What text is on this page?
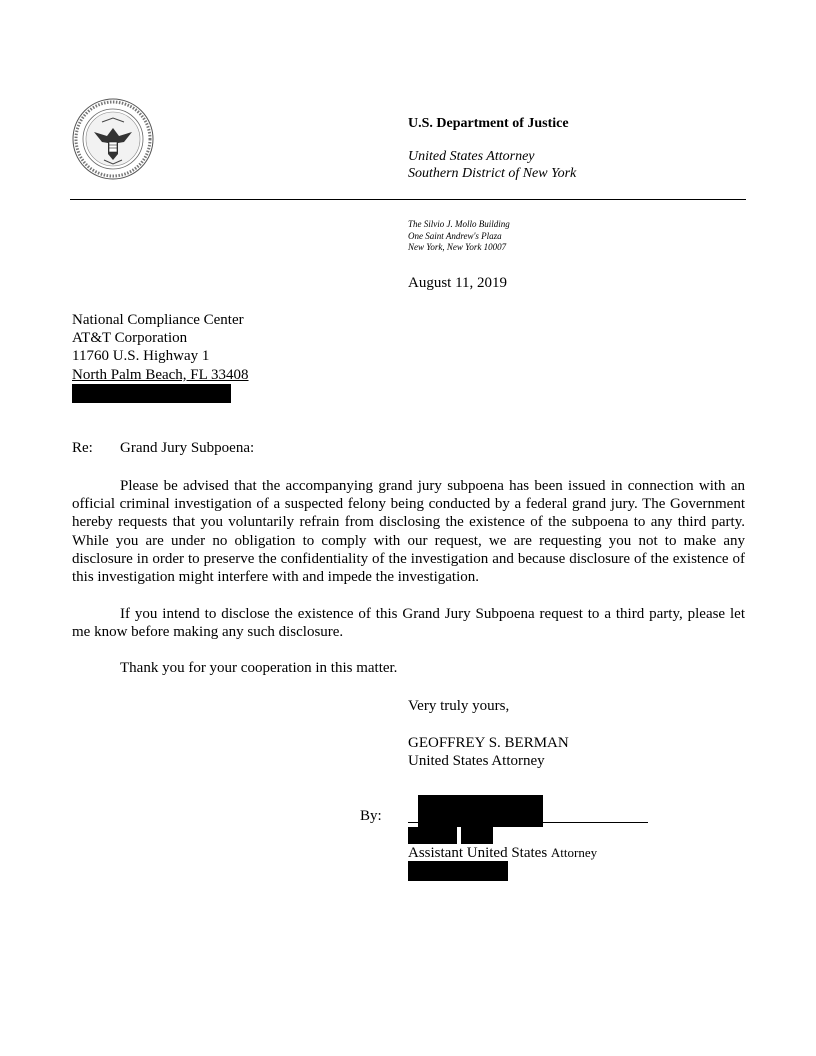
U.S. Department of Justice
United States Attorney
Southern District of New York
The Silvio J. Mollo Building
One Saint Andrew's Plaza
New York, New York 10007
August 11, 2019
National Compliance Center
AT&T Corporation
11760 U.S. Highway 1
North Palm Beach, FL 33408
Re: Grand Jury Subpoena:
Please be advised that the accompanying grand jury subpoena has been issued in connection with an official criminal investigation of a suspected felony being conducted by a federal grand jury. The Government hereby requests that you voluntarily refrain from disclosing the existence of the subpoena to any third party. While you are under no obligation to comply with our request, we are requesting you not to make any disclosure in order to preserve the confidentiality of the investigation and because disclosure of the existence of this investigation might interfere with and impede the investigation.
If you intend to disclose the existence of this Grand Jury Subpoena request to a third party, please let me know before making any such disclosure.
Thank you for your cooperation in this matter.
Very truly yours,
GEOFFREY S. BERMAN
United States Attorney
By:
Assistant United States Attorney
